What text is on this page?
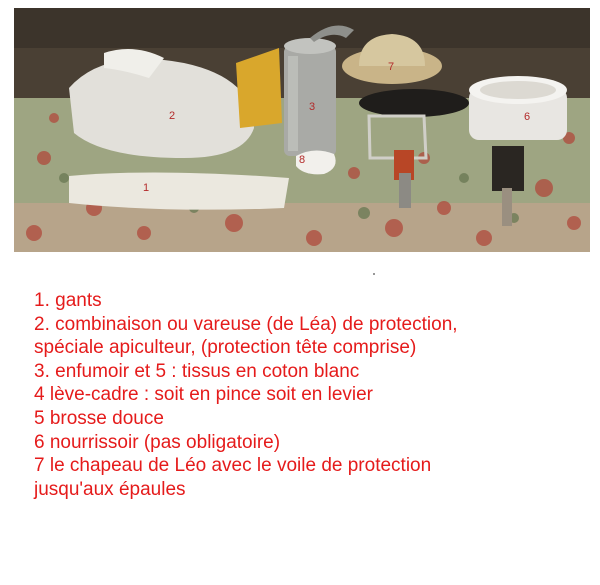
1
2
3
6
7
8
1. gants
2. combinaison ou vareuse (de Léa) de protection,
spéciale apiculteur, (protection tête comprise)
3. enfumoir et 5 : tissus en coton blanc
4 lève-cadre : soit en pince soit en levier
5 brosse douce
6 nourrissoir (pas obligatoire)
7 le chapeau de Léo avec le voile de protection
jusqu'aux épaules
